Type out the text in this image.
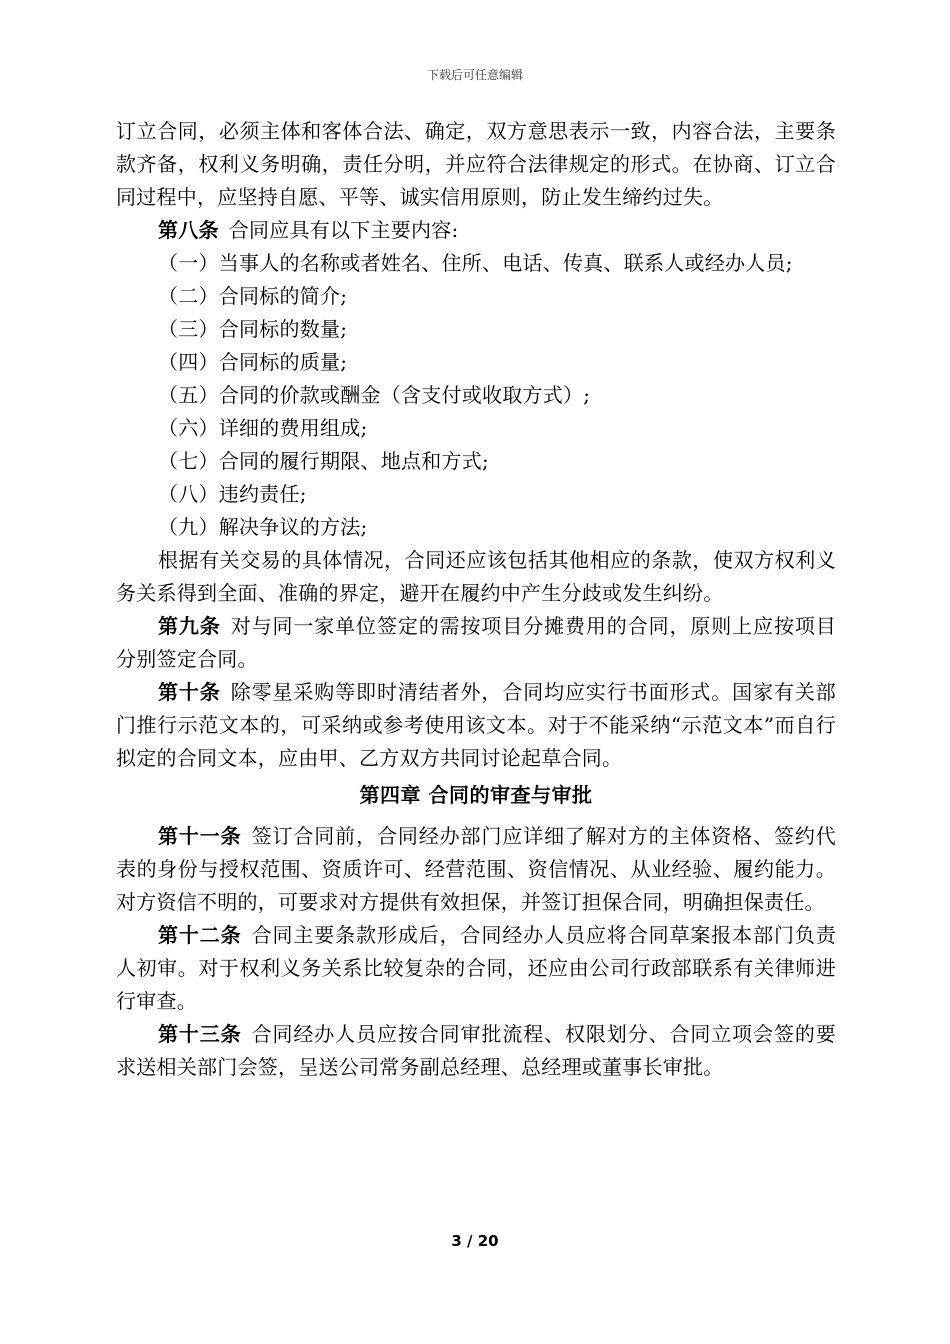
下载后可任意编辑

订立合同，必须主体和客体合法、确定，双方意思表示一致，内容合法，主要条款齐备，权利义务明确，责任分明，并应符合法律规定的形式。在协商、订立合同过程中，应坚持自愿、平等、诚实信用原则，防止发生缔约过失。

第八条 合同应具有以下主要内容:

（一）当事人的名称或者姓名、住所、电话、传真、联系人或经办人员;

（二）合同标的简介;

（三）合同标的数量;

（四）合同标的质量;

（五）合同的价款或酬金（含支付或收取方式）;

（六）详细的费用组成;

（七）合同的履行期限、地点和方式;

（八）违约责任;

（九）解决争议的方法;

根据有关交易的具体情况，合同还应该包括其他相应的条款，使双方权利义务关系得到全面、准确的界定，避开在履约中产生分歧或发生纠纷。

第九条 对与同一家单位签定的需按项目分摊费用的合同，原则上应按项目分别签定合同。

第十条 除零星采购等即时清结者外，合同均应实行书面形式。国家有关部门推行示范文本的，可采纳或参考使用该文本。对于不能采纳“示范文本”而自行拟定的合同文本，应由甲、乙方双方共同讨论起草合同。

第四章 合同的审查与审批

第十一条 签订合同前，合同经办部门应详细了解对方的主体资格、签约代表的身份与授权范围、资质许可、经营范围、资信情况、从业经验、履约能力。对方资信不明的，可要求对方提供有效担保，并签订担保合同，明确担保责任。

第十二条 合同主要条款形成后，合同经办人员应将合同草案报本部门负责人初审。对于权利义务关系比较复杂的合同，还应由公司行政部联系有关律师进行审查。

第十三条 合同经办人员应按合同审批流程、权限划分、合同立项会签的要求送相关部门会签，呈送公司常务副总经理、总经理或董事长审批。

3 / 20
